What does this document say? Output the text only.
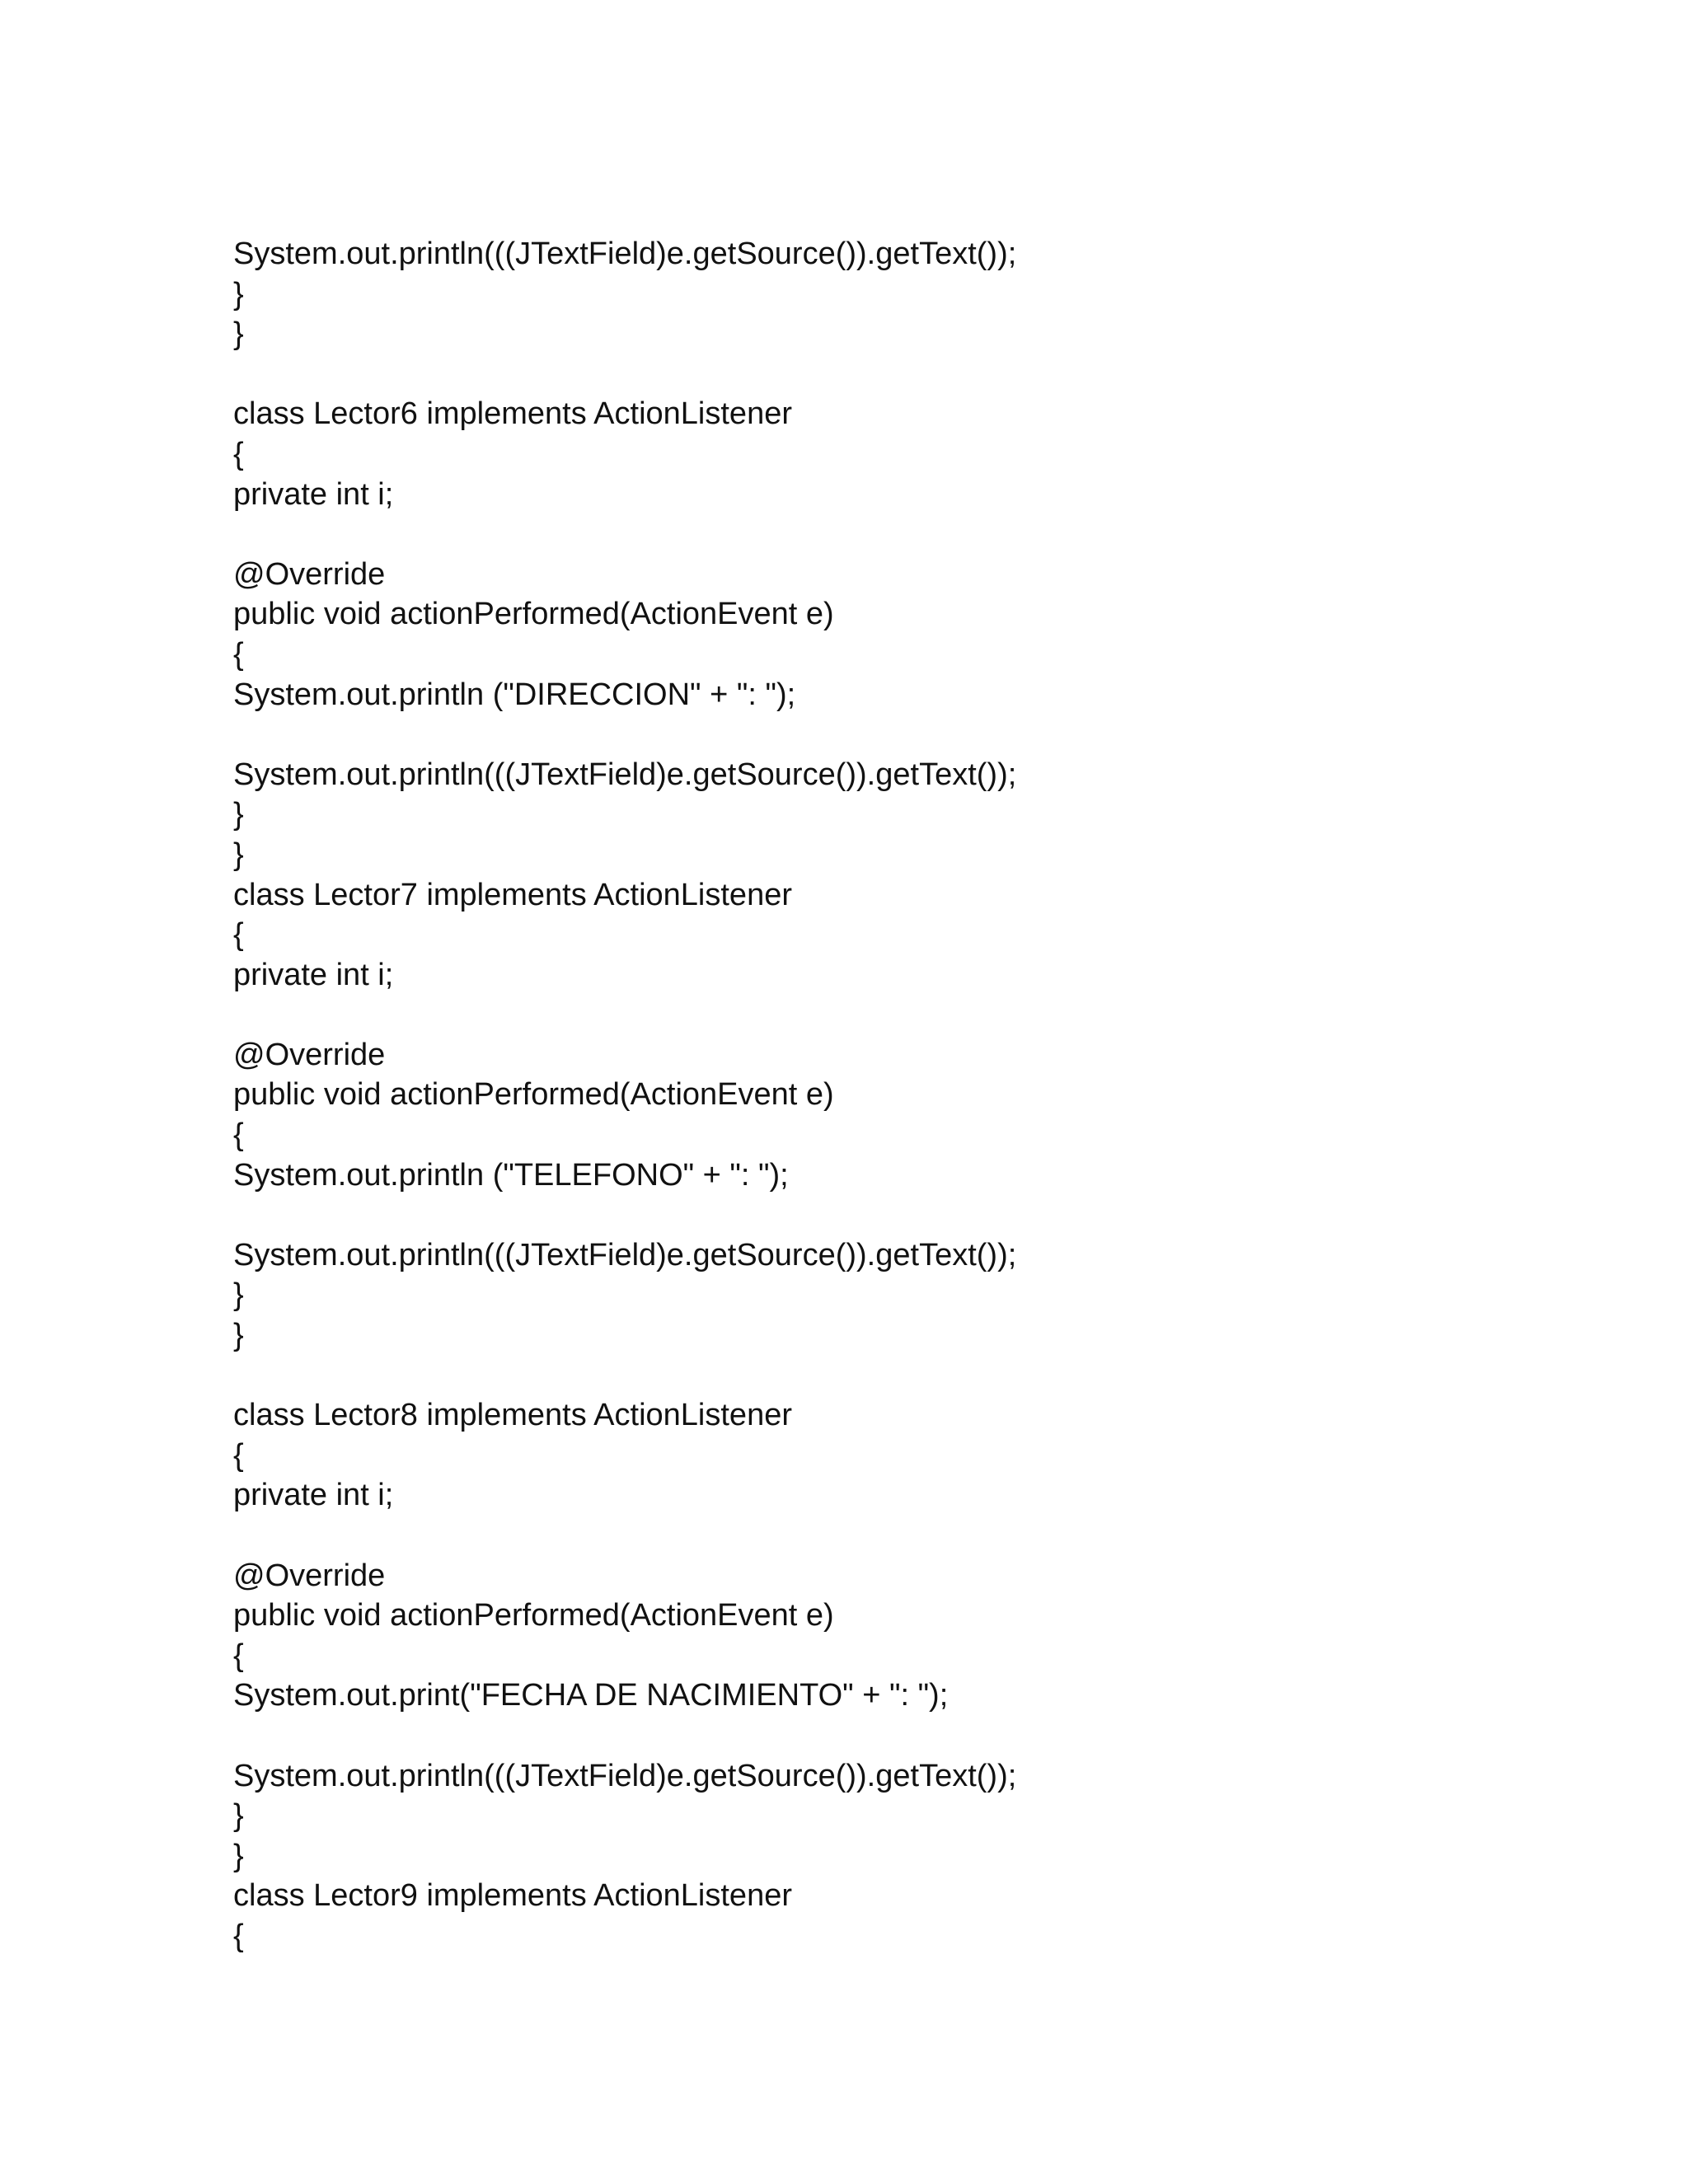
System.out.println(((JTextField)e.getSource()).getText());
}
}
class Lector6 implements ActionListener
{
private int i;
@Override
public void actionPerformed(ActionEvent e)
{
System.out.println ("DIRECCION" + ": ");
System.out.println(((JTextField)e.getSource()).getText());
}
}
class Lector7 implements ActionListener
{
private int i;
@Override
public void actionPerformed(ActionEvent e)
{
System.out.println ("TELEFONO" + ": ");
System.out.println(((JTextField)e.getSource()).getText());
}
}
class Lector8 implements ActionListener
{
private int i;
@Override
public void actionPerformed(ActionEvent e)
{
System.out.print("FECHA DE NACIMIENTO" + ": ");
System.out.println(((JTextField)e.getSource()).getText());
}
}
class Lector9 implements ActionListener
{
